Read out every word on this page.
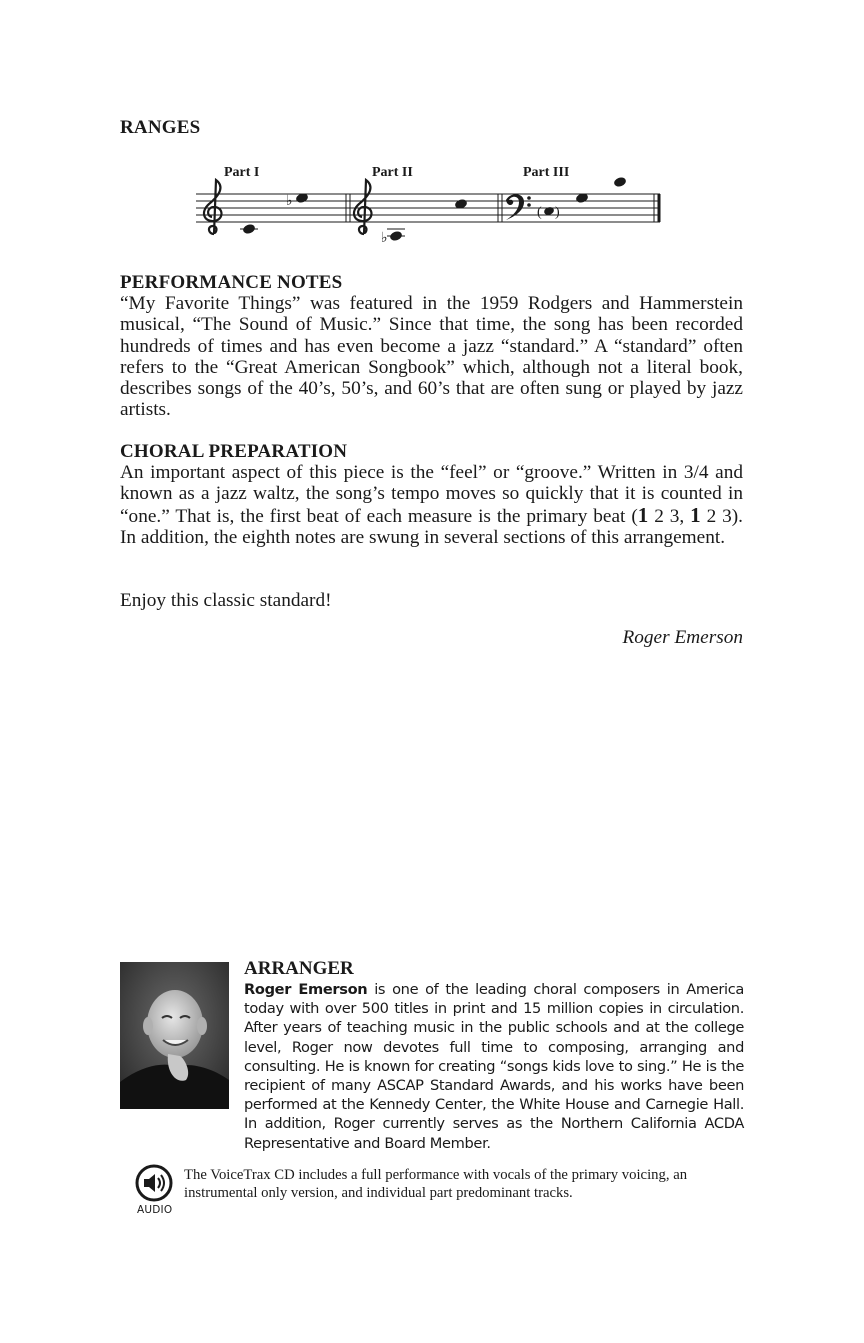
RANGES
Part I	Part II	Part III
♭
♭
( )
PERFORMANCE NOTES

“My Favorite Things” was featured in the 1959 Rodgers and Hammerstein musical, “The Sound of Music.” Since that time, the song has been recorded hundreds of times and has even become a jazz “standard.” A “standard” often refers to the “Great American Songbook” which, although not a literal book, describes songs of the 40’s, 50’s, and 60’s that are often sung or played by jazz artists.

CHORAL PREPARATION

An important aspect of this piece is the “feel” or “groove.” Written in 3/4 and known as a jazz waltz, the song’s tempo moves so quickly that it is counted in “one.” That is, the first beat of each measure is the primary beat (1 2 3, 1 2 3). In addition, the eighth notes are swung in several sections of this arrangement.

Enjoy this classic standard!
Roger Emerson
ARRANGER

Roger Emerson is one of the leading choral composers in America today with over 500 titles in print and 15 million copies in circulation. After years of teaching music in the public schools and at the college level, Roger now devotes full time to composing, arranging and consulting. He is known for creating “songs kids love to sing.” He is the recipient of many ASCAP Standard Awards, and his works have been performed at the Kennedy Center, the White House and Carnegie Hall. In addition, Roger currently serves as the Northern California ACDA Representative and Board Member.

AUDIO

The VoiceTrax CD includes a full performance with vocals of the primary voicing, an instrumental only version, and individual part predominant tracks.
